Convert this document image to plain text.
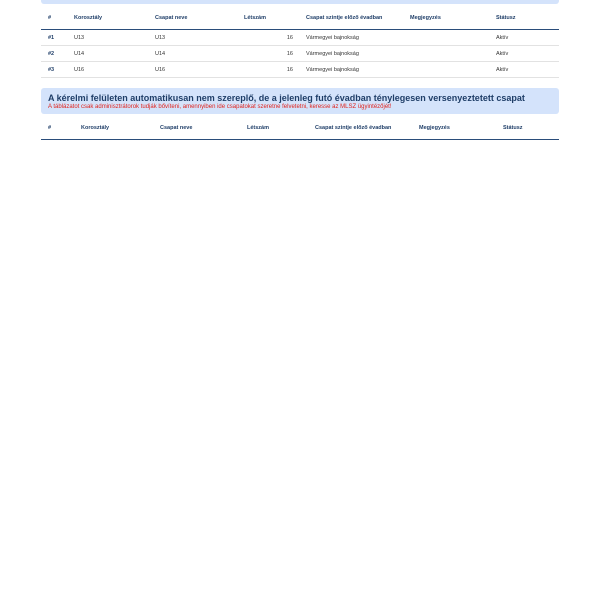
#	Korosztály	Csapat neve	Létszám	Csapat szintje előző évadban	Megjegyzés	Státusz
#1	U13	U13	16	Vármegyei bajnokság		Aktív
#2	U14	U14	16	Vármegyei bajnokság		Aktív
#3	U16	U16	16	Vármegyei bajnokság		Aktív
A kérelmi felületen automatikusan nem szereplő, de a jelenleg futó évadban ténylegesen versenyeztetett csapat
A táblázatot csak adminisztrátorok tudják bővíteni, amennyiben ide csapatokat szeretne felvetetni, keresse az MLSZ ügyintézőjét!
#	Korosztály	Csapat neve	Létszám	Csapat szintje előző évadban	Megjegyzés	Státusz
